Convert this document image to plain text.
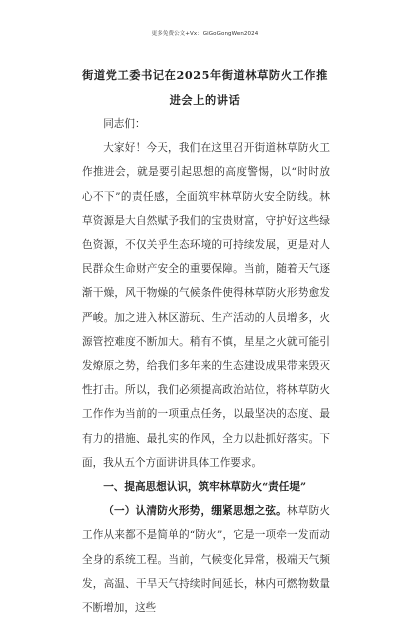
更多免费公文+Vx：GiGoGongWen2024
街道党工委书记在2025年街道林草防火工作推进会上的讲话

同志们：

大家好！今天，我们在这里召开街道林草防火工作推进会，就是要引起思想的高度警惕，以“时时放心不下”的责任感，全面筑牢林草防火安全防线。林草资源是大自然赋予我们的宝贵财富，守护好这些绿色资源，不仅关乎生态环境的可持续发展，更是对人民群众生命财产安全的重要保障。当前，随着天气逐渐干燥，风干物燥的气候条件使得林草防火形势愈发严峻。加之进入林区游玩、生产活动的人员增多，火源管控难度不断加大。稍有不慎，星星之火就可能引发燎原之势，给我们多年来的生态建设成果带来毁灭性打击。所以，我们必须提高政治站位，将林草防火工作作为当前的一项重点任务，以最坚决的态度、最有力的措施、最扎实的作风，全力以赴抓好落实。下面，我从五个方面讲讲具体工作要求。

一、提高思想认识，筑牢林草防火“责任堤”

（一）认清防火形势，绷紧思想之弦。林草防火工作从来都不是简单的“防火”，它是一项牵一发而动全身的系统工程。当前，气候变化异常，极端天气频发，高温、干旱天气持续时间延长，林内可燃物数量不断增加，这些
